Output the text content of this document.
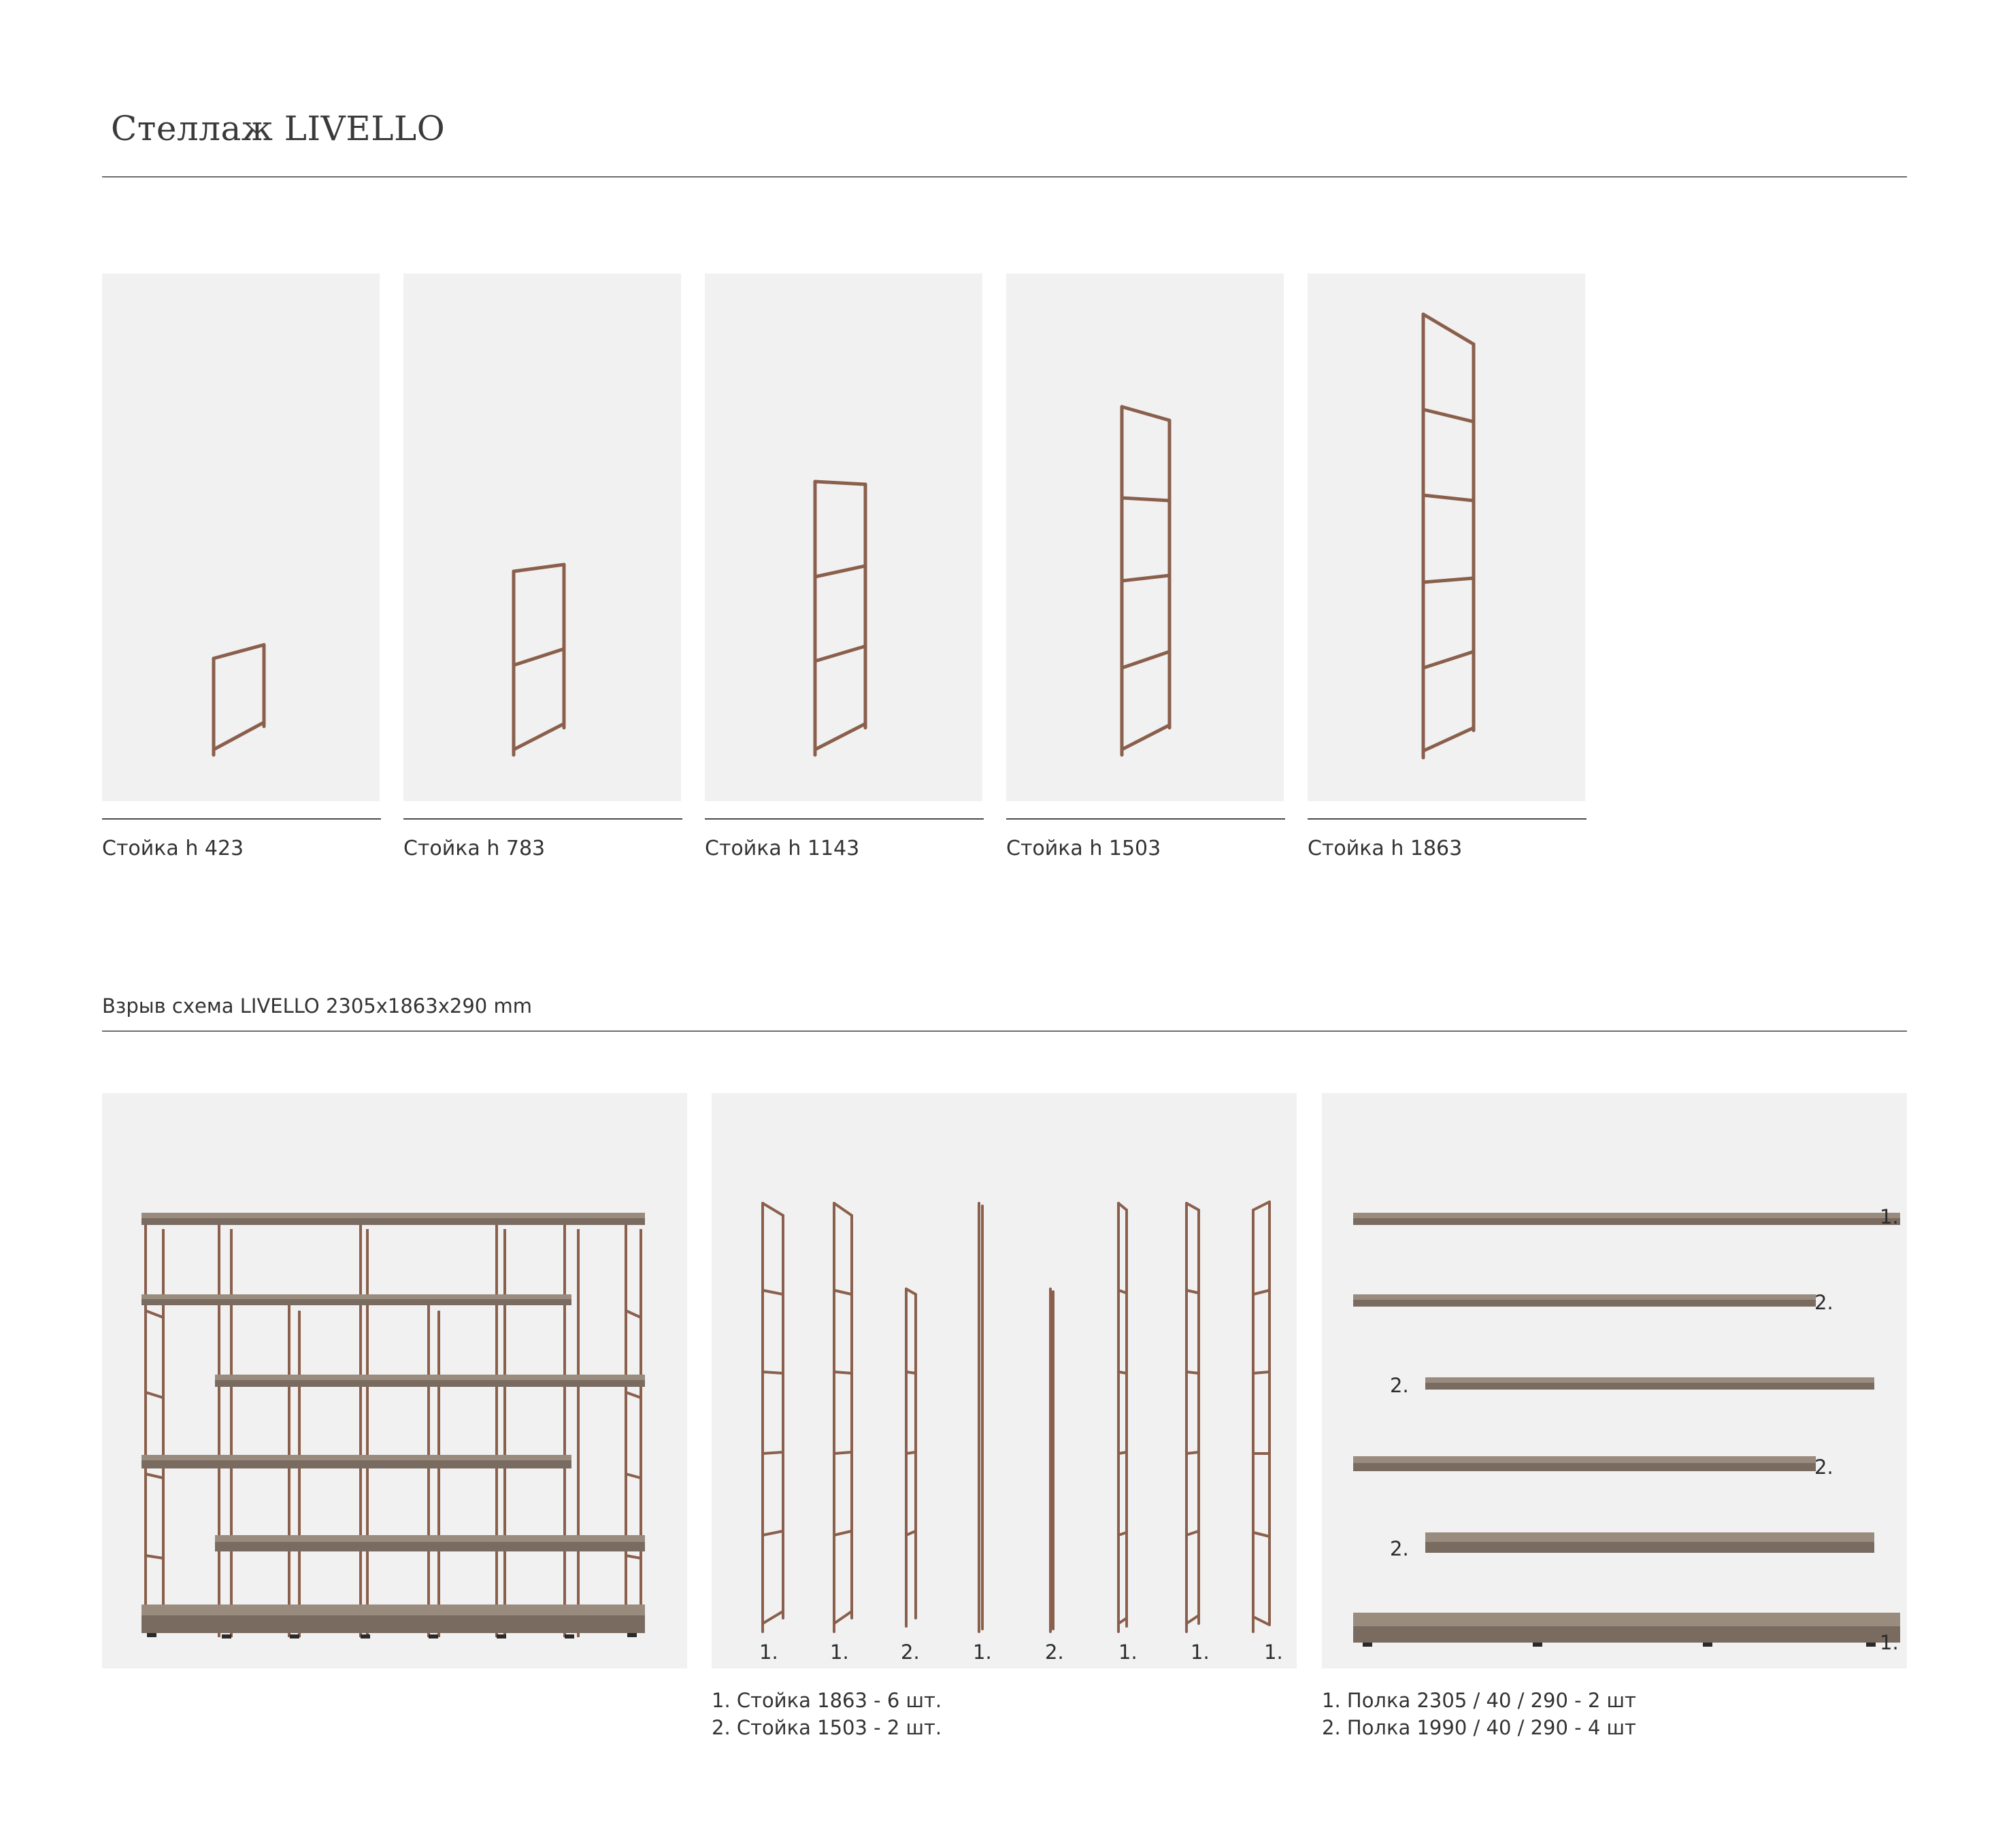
Стеллаж LIVELLO
Стойка h 423	Стойка h 783	Стойка h 1143	Стойка h 1503	Стойка h 1863
Взрыв схема LIVELLO 2305х1863х290 mm
1.	1.	2.	1.	2.	1.	1.	1.
1.
2.
2.
2.
2.
1.
1. Стойка 1863 - 6 шт.
2. Стойка 1503 - 2 шт.
1. Полка 2305 / 40 / 290 - 2 шт
2. Полка 1990 / 40 / 290 - 4 шт
